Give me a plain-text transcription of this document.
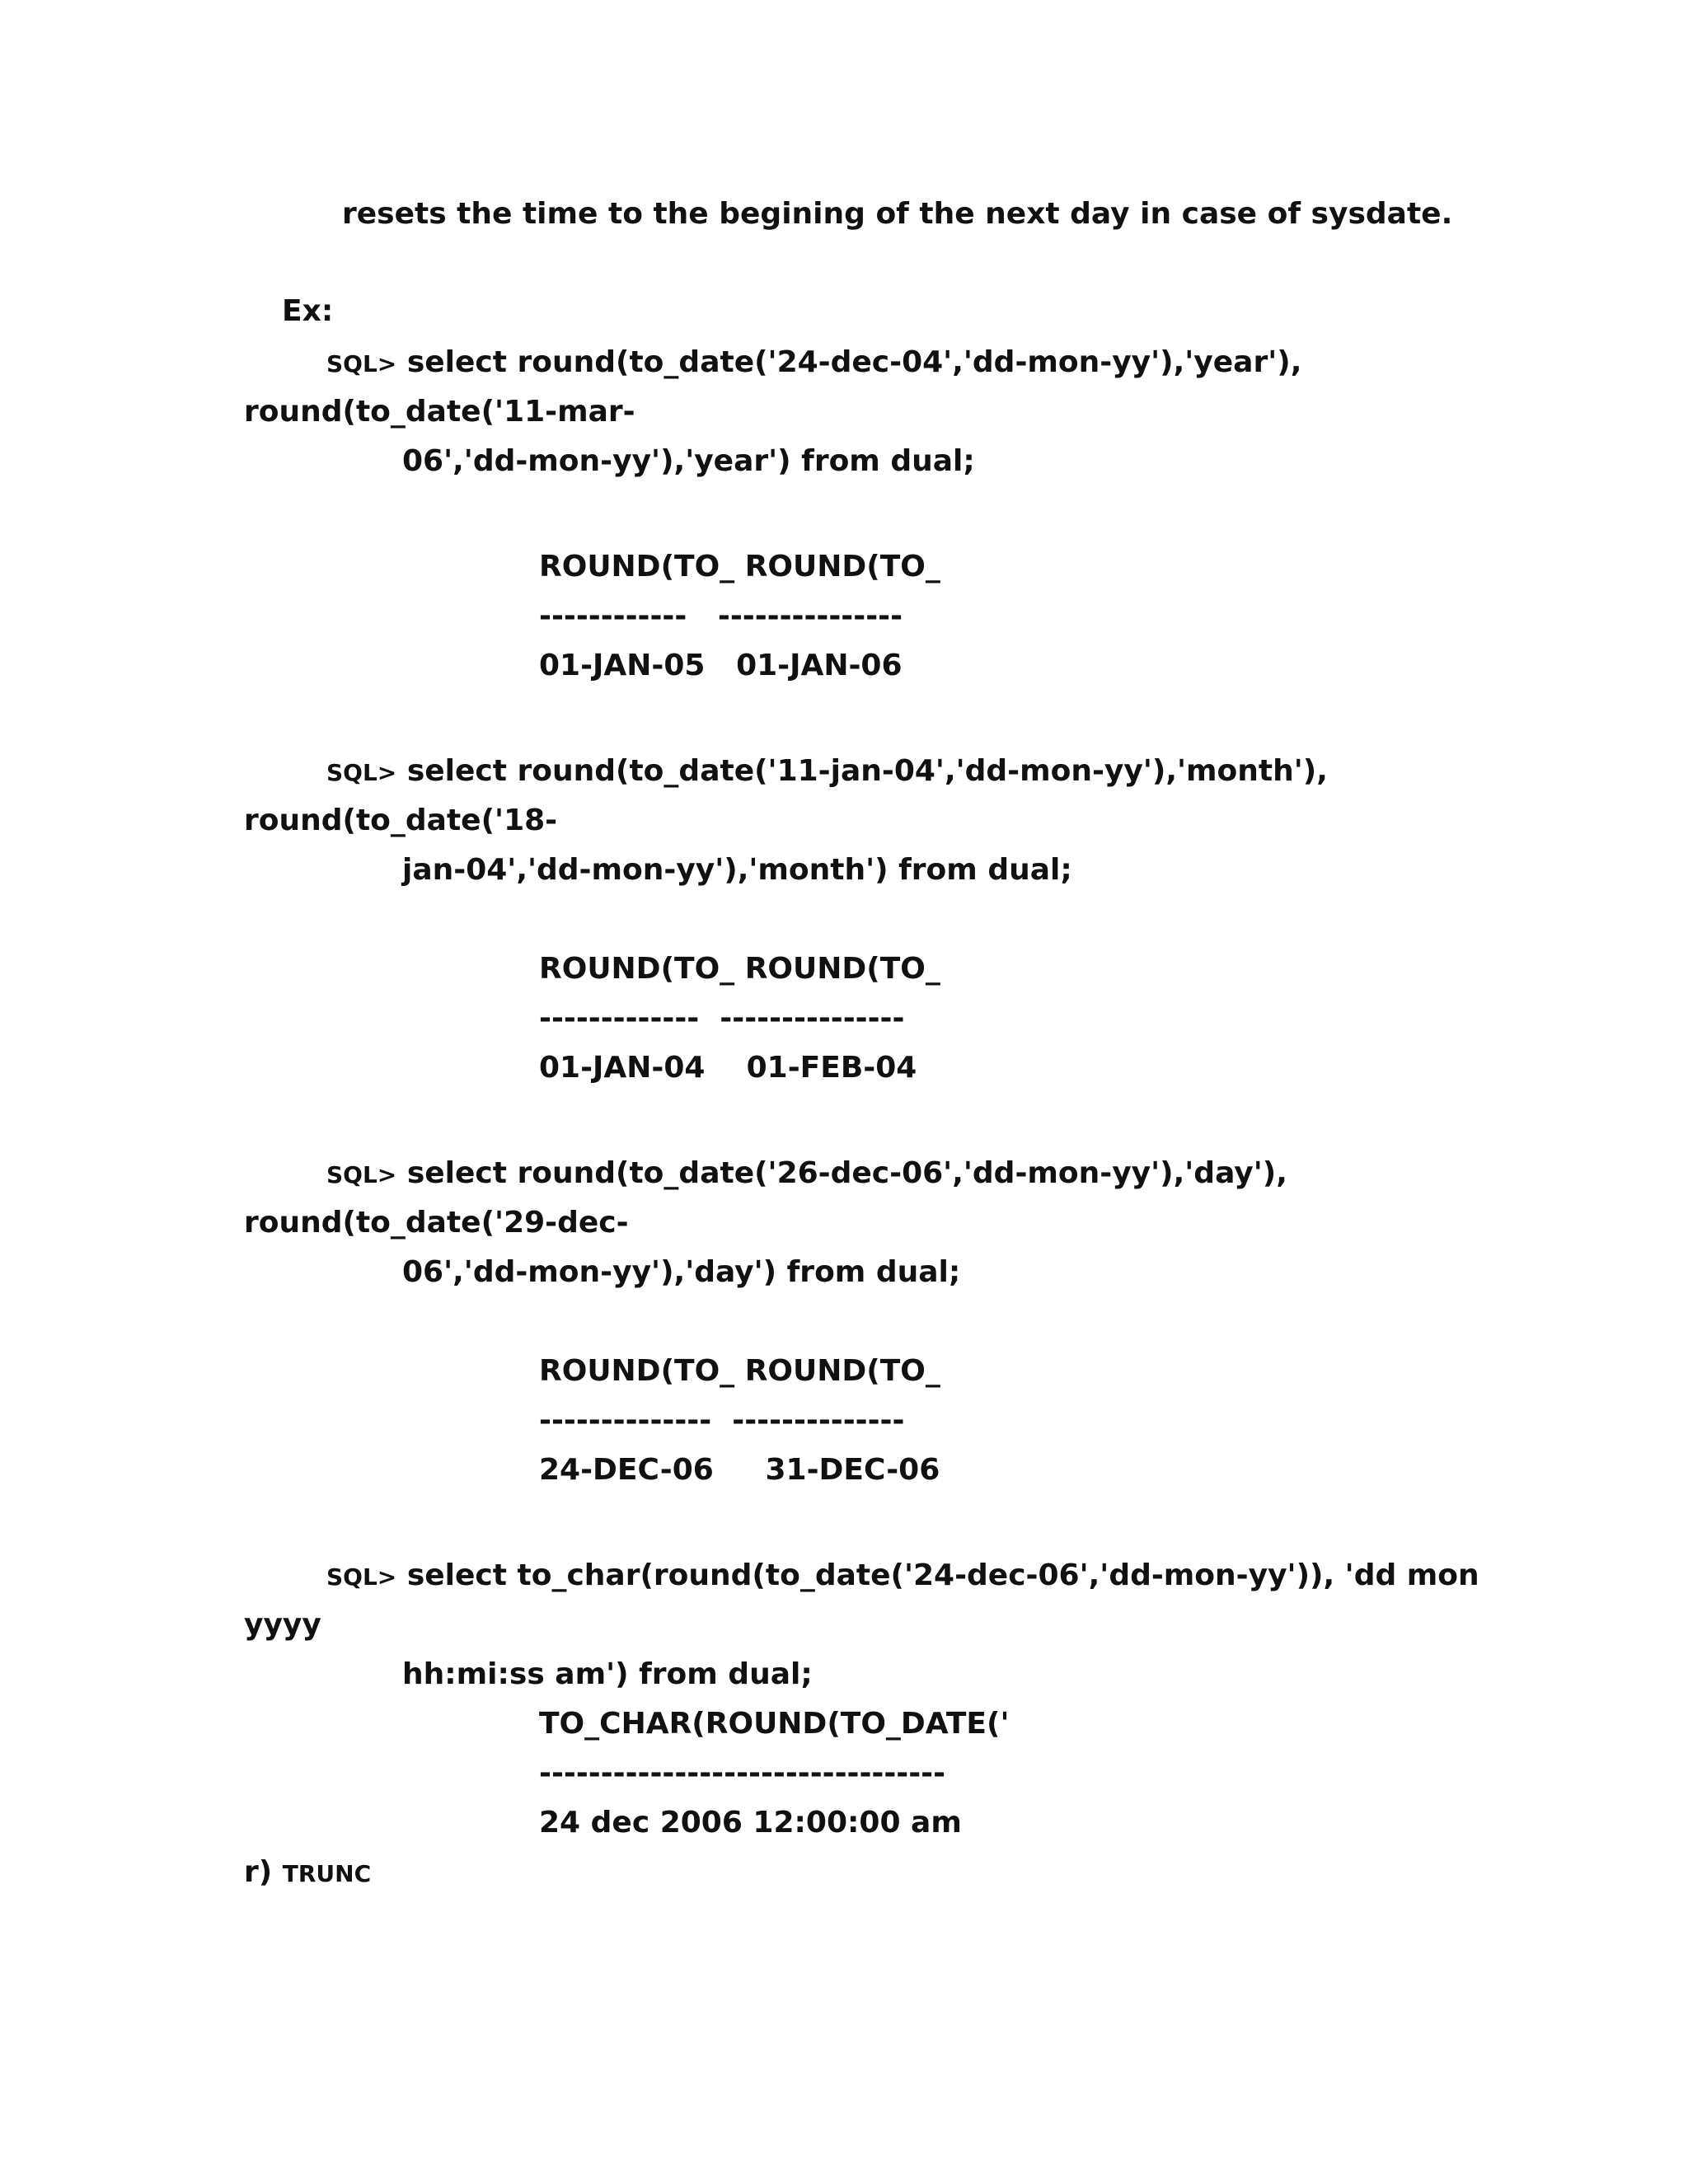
resets the time to the begining of the next day in case of sysdate.
Ex:
SQL> select round(to_date('24-dec-04','dd-mon-yy'),'year'),
round(to_date('11-mar-
06','dd-mon-yy'),'year') from dual;
ROUND(TO_ ROUND(TO_
------------   ---------------
01-JAN-05   01-JAN-06
SQL> select round(to_date('11-jan-04','dd-mon-yy'),'month'),
round(to_date('18-
jan-04','dd-mon-yy'),'month') from dual;
ROUND(TO_ ROUND(TO_
-------------  ---------------
01-JAN-04    01-FEB-04
SQL> select round(to_date('26-dec-06','dd-mon-yy'),'day'),
round(to_date('29-dec-
06','dd-mon-yy'),'day') from dual;
ROUND(TO_ ROUND(TO_
--------------  --------------
24-DEC-06     31-DEC-06
SQL> select to_char(round(to_date('24-dec-06','dd-mon-yy')), 'dd mon
yyyy
hh:mi:ss am') from dual;
TO_CHAR(ROUND(TO_DATE('
---------------------------------
24 dec 2006 12:00:00 am
r) TRUNC
